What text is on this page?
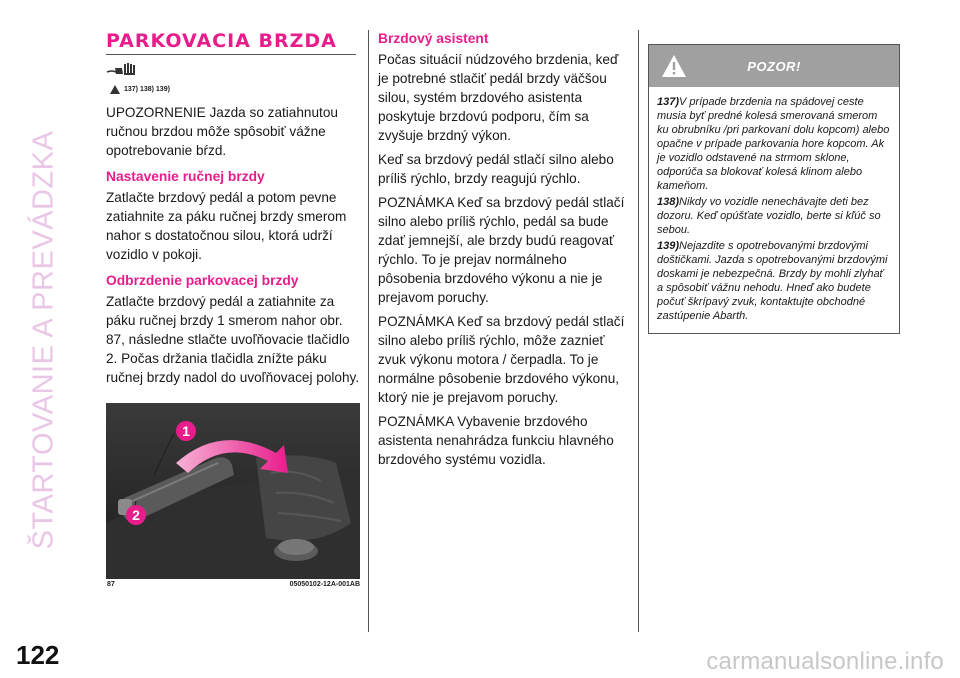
ŠTARTOVANIE A PREVÁDZKA
PARKOVACIA BRZDA
137) 138) 139)

UPOZORNENIE Jazda so zatiahnutou ručnou brzdou môže spôsobiť vážne opotrebovanie bŕzd.

Nastavenie ručnej brzdy

Zatlačte brzdový pedál a potom pevne zatiahnite za páku ručnej brzdy smerom nahor s dostatočnou silou, ktorá udrží vozidlo v pokoji.

Odbrzdenie parkovacej brzdy

Zatlačte brzdový pedál a zatiahnite za páku ručnej brzdy 1 smerom nahor obr. 87, následne stlačte uvoľňovacie tlačidlo 2. Počas držania tlačidla znížte páku ručnej brzdy nadol do uvoľňovacej polohy.

1
2
87	05050102-12A-001AB
Brzdový asistent

Počas situácií núdzového brzdenia, keď je potrebné stlačiť pedál brzdy väčšou silou, systém brzdového asistenta poskytuje brzdovú podporu, čím sa zvyšuje brzdný výkon.

Keď sa brzdový pedál stlačí silno alebo príliš rýchlo, brzdy reagujú rýchlo.

POZNÁMKA Keď sa brzdový pedál stlačí silno alebo príliš rýchlo, pedál sa bude zdať jemnejší, ale brzdy budú reagovať rýchlo. To je prejav normálneho pôsobenia brzdového výkonu a nie je prejavom poruchy.

POZNÁMKA Keď sa brzdový pedál stlačí silno alebo príliš rýchlo, môže zaznieť zvuk výkonu motora / čerpadla. To je normálne pôsobenie brzdového výkonu, ktorý nie je prejavom poruchy.

POZNÁMKA Vybavenie brzdového asistenta nenahrádza funkciu hlavného brzdového systému vozidla.

POZOR!

137)V prípade brzdenia na spádovej ceste musia byť predné kolesá smerovaná smerom ku obrubníku /pri parkovaní dolu kopcom) alebo opačne v prípade parkovania hore kopcom. Ak je vozidlo odstavené na strmom sklone, odporúča sa blokovať kolesá klinom alebo kameňom.

138)Nikdy vo vozidle nenechávajte deti bez dozoru. Keď opúšťate vozidlo, berte si kľúč so sebou.

139)Nejazdite s opotrebovanými brzdovými doštičkami. Jazda s opotrebovanými brzdovými doskami je nebezpečná. Brzdy by mohli zlyhať a spôsobiť vážnu nehodu. Hneď ako budete počuť škrípavý zvuk, kontaktujte obchodné zastúpenie Abarth.

122	carmanualsonline.info
